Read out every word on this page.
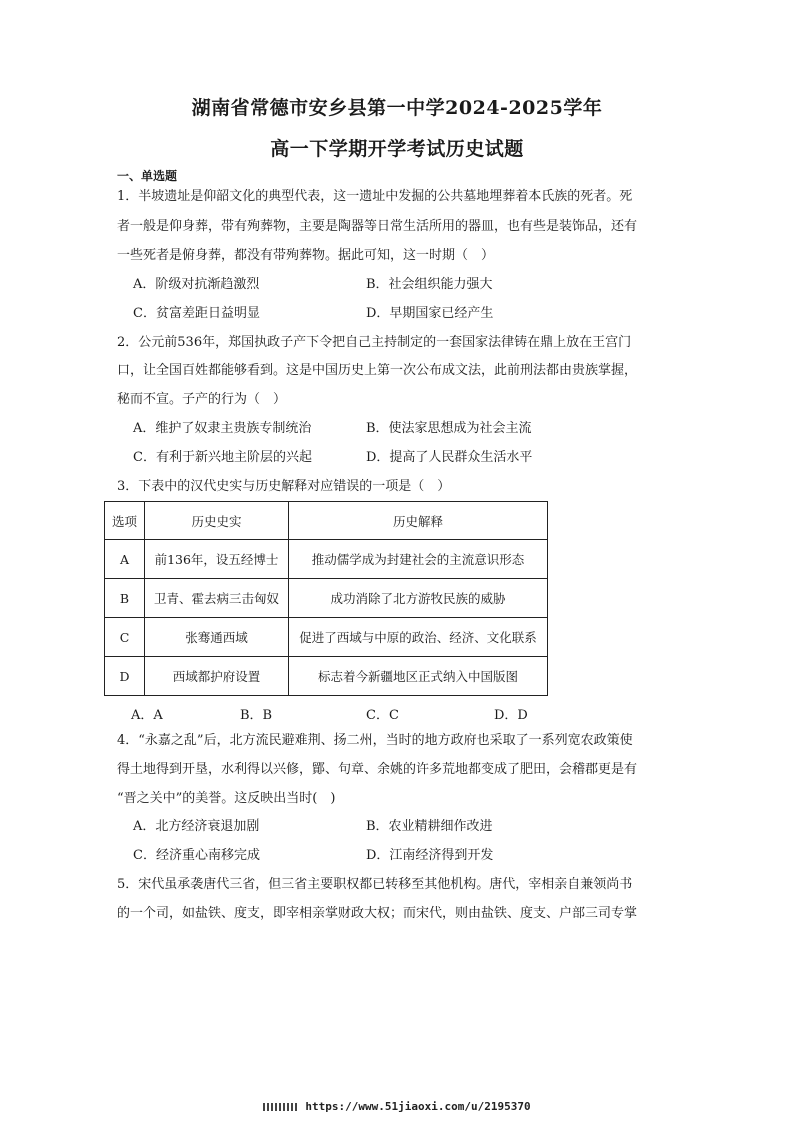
湖南省常德市安乡县第一中学2024-2025学年
高一下学期开学考试历史试题
一、单选题
1．半坡遗址是仰韶文化的典型代表，这一遗址中发掘的公共墓地埋葬着本氏族的死者。死
者一般是仰身葬，带有殉葬物，主要是陶器等日常生活所用的器皿，也有些是装饰品，还有
一些死者是俯身葬，都没有带殉葬物。据此可知，这一时期（　）
A．阶级对抗渐趋激烈	B．社会组织能力强大
C．贫富差距日益明显	D．早期国家已经产生
2．公元前536年，郑国执政子产下令把自己主持制定的一套国家法律铸在鼎上放在王宫门
口，让全国百姓都能够看到。这是中国历史上第一次公布成文法，此前刑法都由贵族掌握，
秘而不宣。子产的行为（　）
A．维护了奴隶主贵族专制统治	B．使法家思想成为社会主流
C．有利于新兴地主阶层的兴起	D．提高了人民群众生活水平
3．下表中的汉代史实与历史解释对应错误的一项是（　）
选项	历史史实	历史解释
A	前136年，设五经博士	推动儒学成为封建社会的主流意识形态
B	卫青、霍去病三击匈奴	成功消除了北方游牧民族的威胁
C	张骞通西域	促进了西域与中原的政治、经济、文化联系
D	西域都护府设置	标志着今新疆地区正式纳入中国版图
A．A	B．B	C．C	D．D
4．“永嘉之乱”后，北方流民避难荆、扬二州，当时的地方政府也采取了一系列宽农政策使
得土地得到开垦，水利得以兴修，鄮、句章、余姚的许多荒地都变成了肥田，会稽郡更是有
“晋之关中”的美誉。这反映出当时(　)
A．北方经济衰退加剧	B．农业精耕细作改进
C．经济重心南移完成	D．江南经济得到开发
5．宋代虽承袭唐代三省，但三省主要职权都已转移至其他机构。唐代，宰相亲自兼领尚书
的一个司，如盐铁、度支，即宰相亲掌财政大权；而宋代，则由盐铁、度支、户部三司专掌
https://www.51jiaoxi.com/u/2195370
